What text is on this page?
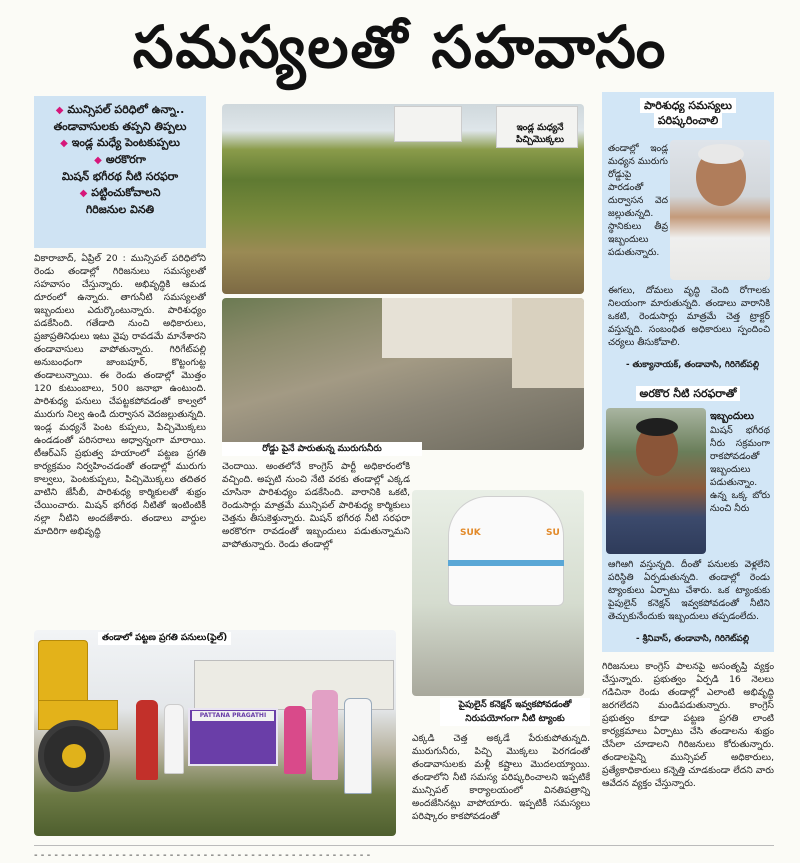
సమస్యలతో సహవాసం
◆ మున్సిపల్ పరిధిలో ఉన్నా..
తండావాసులకు తప్పని తిప్పలు
◆ ఇండ్ల మధ్యే పెంటకుప్పలు
◆ అరకొరగా
మిషన్ భగీరథ నీటి సరఫరా
◆ పట్టించుకోవాలని
గిరిజనుల వినతి

వికారాబాద్, ఏప్రిల్ 20 : మున్సిపల్ పరిధిలోని రెండు తండాల్లో గిరిజనులు సమస్యలతో సహవాసం చేస్తున్నారు. అభివృద్ధికి ఆమడ దూరంలో ఉన్నారు. తాగునీటి సమస్యలతో ఇబ్బందులు ఎదుర్కొంటున్నారు. పారిశుధ్యం పడకేసింది. గతేడాది నుంచి అధికారులు, ప్రజాప్రతినిధులు ఇటు వైపు రావడమే మానేశారని తండావాసులు వాపోతున్నారు. గిరిగేట్‌పల్లి అనుబంధంగా జాంబపూర్, కొట్టంగుట్ట తండాలున్నాయి. ఈ రెండు తండాల్లో మొత్తం 120 కుటుంబాలు, 500 జనాభా ఉంటుంది. పారిశుధ్య పనులు చేపట్టకపోవడంతో కాల్వలో మురుగు నిల్వ ఉండి దుర్వాసన వెదజల్లుతున్నది. ఇండ్ల మధ్యనే పెంట కుప్పలు, పిచ్చిమొక్కలు ఉండడంతో పరిసరాలు అధ్వాన్నంగా మారాయి. టీఆర్ఎస్ ప్రభుత్వ హయాంలో పట్టణ ప్రగతి కార్యక్రమం నిర్వహించడంతో తండాల్లో మురుగు కాల్వలు, పెంటకుప్పలు, పిచ్చిమొక్కలు తదితర వాటిని జేసీబీ, పారిశుధ్య కార్మికులతో శుభ్రం చేయించారు. మిషన్ భగీరథ నీటితో ఇంటింటికీ నల్లా నీటిని అందజేశారు. తండాలు వార్డుల మాదిరిగా అభివృద్ధి

ఇండ్ల మధ్యనే పిచ్చిమొక్కలు
రోడ్డు పైనే పారుతున్న మురుగునీరు

చెందాయి. అంతలోనే కాంగ్రెస్ పార్టీ అధికారంలోకి వచ్చింది. అప్పటి నుంచి నేటి వరకు తండాల్లో ఎక్కడ చూసినా పారిశుధ్యం పడకేసింది. వారానికి ఒకటి, రెండుసార్లు మాత్రమే మున్సిపల్ పారిశుధ్య కార్మికులు చెత్తను తీసుకెళ్తున్నారు. మిషన్ భగీరథ నీటి సరఫరా అరకొరగా రావడంతో ఇబ్బందులు పడుతున్నామని వాపోతున్నారు. రెండు తండాల్లో

SUK	SU
పైపులైన్ కనెక్షన్ ఇవ్వకపోవడంతో
నిరుపయోగంగా నీటి ట్యాంకు
PATTANA PRAGATHI
తండాలో పట్టణ ప్రగతి పనులు(ఫైల్)

ఎక్కడి చెత్త అక్కడే పేరుకుపోతున్నది. మురుగునీరు, పిచ్చి మొక్కలు పెరగడంతో తండావాసులకు మళ్లీ కష్టాలు మొదలయ్యాయి. తండాలోని నీటి సమస్య పరిష్కరించాలని ఇప్పటికే మున్సిపల్ కార్యాలయంలో వినతిపత్రాన్ని అందజేసినట్లు వాపోయారు. ఇప్పటికీ సమస్యలు పరిష్కారం కాకపోవడంతో

పారిశుధ్య సమస్యలు
పరిష్కరించాలి

తండాల్లో ఇండ్ల మధ్యన మురుగు రోడ్డుపై పారడంతో దుర్వాసన వెద జల్లుతున్నది. స్థానికులు తీవ్ర ఇబ్బందులు పడుతున్నారు.

ఈగలు, దోమలు వృద్ధి చెంది రోగాలకు నిలయంగా మారుతున్నది. తండాలు వారానికి ఒకటి, రెండుసార్లు మాత్రమే చెత్త ట్రాక్టర్ వస్తున్నది. సంబంధిత అధికారులు స్పందించి చర్యలు తీసుకోవాలి.

- తుక్యానాయక్, తండావాసి, గిరిగెట్‌పల్లి
అరకొర నీటి సరఫరాతో
ఇబ్బందులు

మిషన్ భగీరథ నీరు సక్రమంగా రాకపోవడంతో ఇబ్బందులు పడుతున్నాం. ఉన్న ఒక్క బోరు నుంచి నీరు

ఆగిఆగి వస్తున్నది. దీంతో పనులకు వెళ్లలేని పరిస్థితి ఏర్పడుతున్నది. తండాల్లో రెండు ట్యాంకులు ఏర్పాటు చేశారు. ఒక ట్యాంకుకు పైపులైన్ కనెక్షన్ ఇవ్వకపోవడంతో నీటిని తెచ్చుకునేందుకు ఇబ్బందులు తప్పడంలేదు.

- శ్రీనివాస్, తండావాసి, గిరిగెట్‌పల్లి

గిరిజనులు కాంగ్రెస్ పాలనపై అసంతృప్తి వ్యక్తం చేస్తున్నారు. ప్రభుత్వం ఏర్పడి 16 నెలలు గడిచినా రెండు తండాల్లో ఎలాంటి అభివృద్ధి జరగలేదని మండిపడుతున్నారు. కాంగ్రెస్ ప్రభుత్వం కూడా పట్టణ ప్రగతి లాంటి కార్యక్రమాలు ఏర్పాటు చేసి తండాలను శుభ్రం చేసేలా చూడాలని గిరిజనులు కోరుతున్నారు. తండాలపైన్ని మున్సిపల్ అధికారులు, ప్రత్యేకాధికారులు కన్నెత్తి చూడకుండా లేదని వారు ఆవేదన వ్యక్తం చేస్తున్నారు.

- - - - - - - - - - - - - - - - - - - - - - - - - - - - - - - - - - - - - - - - - - - - - - - - - -
